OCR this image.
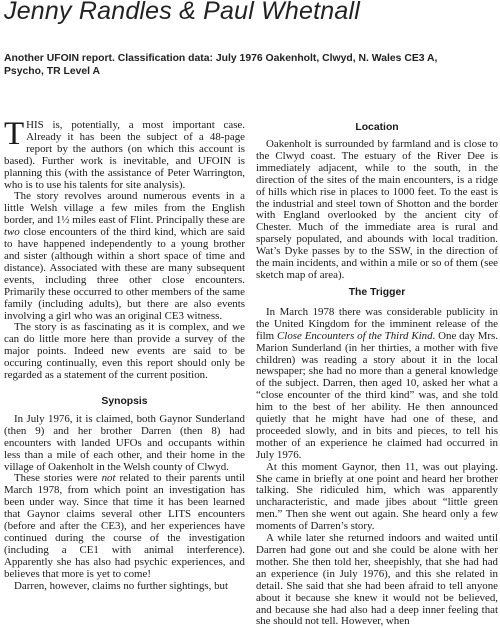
Jenny Randles & Paul Whetnall
Another UFOIN report. Classification data: July 1976 Oakenholt, Clwyd, N. Wales CE3 A, Psycho, TR Level A

THIS is, potentially, a most important case. Already it has been the subject of a 48-page report by the authors (on which this account is based). Further work is inevitable, and UFOIN is planning this (with the assistance of Peter Warrington, who is to use his talents for site analysis).

The story revolves around numerous events in a little Welsh village a few miles from the English border, and 1½ miles east of Flint. Principally these are two close encounters of the third kind, which are said to have happened independently to a young brother and sister (although within a short space of time and distance). Associated with these are many subsequent events, including three other close encounters. Primarily these occurred to other members of the same family (including adults), but there are also events involving a girl who was an original CE3 witness.

The story is as fascinating as it is complex, and we can do little more here than provide a survey of the major points. Indeed new events are said to be occuring continually, even this report should only be regarded as a statement of the current position.

Synopsis

In July 1976, it is claimed, both Gaynor Sunderland (then 9) and her brother Darren (then 8) had encounters with landed UFOs and occupants within less than a mile of each other, and their home in the village of Oakenholt in the Welsh county of Clwyd.

These stories were not related to their parents until March 1978, from which point an investigation has been under way. Since that time it has been learned that Gaynor claims several other LITS encounters (before and after the CE3), and her experiences have continued during the course of the investigation (including a CE1 with animal interference). Apparently she has also had psychic experiences, and believes that more is yet to come!

Darren, however, claims no further sightings, but

Location

Oakenholt is surrounded by farmland and is close to the Clwyd coast. The estuary of the River Dee is immediately adjacent, while to the south, in the direction of the sites of the main encounters, is a ridge of hills which rise in places to 1000 feet. To the east is the industrial and steel town of Shotton and the border with England overlooked by the ancient city of Chester. Much of the immediate area is rural and sparsely populated, and abounds with local tradition. Wat’s Dyke passes by to the SSW, in the direction of the main incidents, and within a mile or so of them (see sketch map of area).

The Trigger

In March 1978 there was considerable publicity in the United Kingdom for the imminent release of the film Close Encounters of the Third Kind. One day Mrs. Marion Sunderland (in her thirties, a mother with five children) was reading a story about it in the local newspaper; she had no more than a general knowledge of the subject. Darren, then aged 10, asked her what a “close encounter of the third kind” was, and she told him to the best of her ability. He then announced quietly that he might have had one of these, and proceeded slowly, and in bits and pieces, to tell his mother of an experience he claimed had occurred in July 1976.

At this moment Gaynor, then 11, was out playing. She came in briefly at one point and heard her brother talking. She ridiculed him, which was apparently uncharacteristic, and made jibes about “little green men.” Then she went out again. She heard only a few moments of Darren’s story.

A while later she returned indoors and waited until Darren had gone out and she could be alone with her mother. She then told her, sheepishly, that she had had an experience (in July 1976), and this she related in detail. She said that she had been afraid to tell anyone about it because she knew it would not be believed, and because she had also had a deep inner feeling that she should not tell. However, when
